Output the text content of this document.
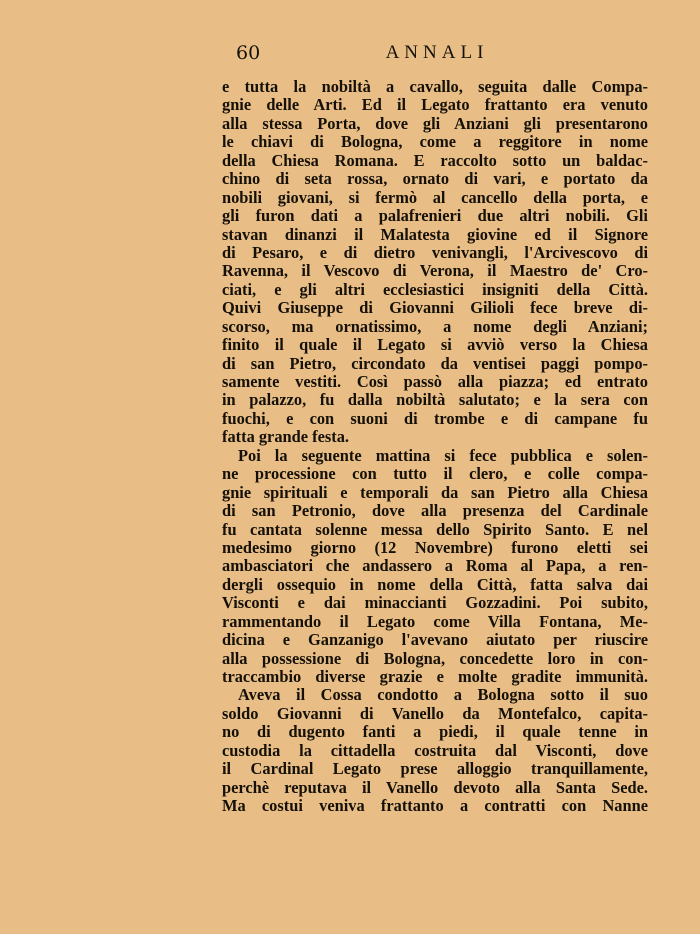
60	ANNALI
e tutta la nobiltà a cavallo, seguita dalle Compa-
gnie delle Arti. Ed il Legato frattanto era venuto
alla stessa Porta, dove gli Anziani gli presentarono
le chiavi di Bologna, come a reggitore in nome
della Chiesa Romana. E raccolto sotto un baldac-
chino di seta rossa, ornato di vari, e portato da
nobili giovani, si fermò al cancello della porta, e
gli furon dati a palafrenieri due altri nobili. Gli
stavan dinanzi il Malatesta giovine ed il Signore
di Pesaro, e di dietro venivangli, l'Arcivescovo di
Ravenna, il Vescovo di Verona, il Maestro de' Cro-
ciati, e gli altri ecclesiastici insigniti della Città.
Quivi Giuseppe di Giovanni Gilioli fece breve di-
scorso, ma ornatissimo, a nome degli Anziani;
finito il quale il Legato si avviò verso la Chiesa
di san Pietro, circondato da ventisei paggi pompo-
samente vestiti. Così passò alla piazza; ed entrato
in palazzo, fu dalla nobiltà salutato; e la sera con
fuochi, e con suoni di trombe e di campane fu
fatta grande festa.
Poi la seguente mattina si fece pubblica e solen-
ne processione con tutto il clero, e colle compa-
gnie spirituali e temporali da san Pietro alla Chiesa
di san Petronio, dove alla presenza del Cardinale
fu cantata solenne messa dello Spirito Santo. E nel
medesimo giorno (12 Novembre) furono eletti sei
ambasciatori che andassero a Roma al Papa, a ren-
dergli ossequio in nome della Città, fatta salva dai
Visconti e dai minaccianti Gozzadini. Poi subito,
rammentando il Legato come Villa Fontana, Me-
dicina e Ganzanigo l'avevano aiutato per riuscire
alla possessione di Bologna, concedette loro in con-
traccambio diverse grazie e molte gradite immunità.
Aveva il Cossa condotto a Bologna sotto il suo
soldo Giovanni di Vanello da Montefalco, capita-
no di dugento fanti a piedi, il quale tenne in
custodia la cittadella costruita dal Visconti, dove
il Cardinal Legato prese alloggio tranquillamente,
perchè reputava il Vanello devoto alla Santa Sede.
Ma costui veniva frattanto a contratti con Nanne
